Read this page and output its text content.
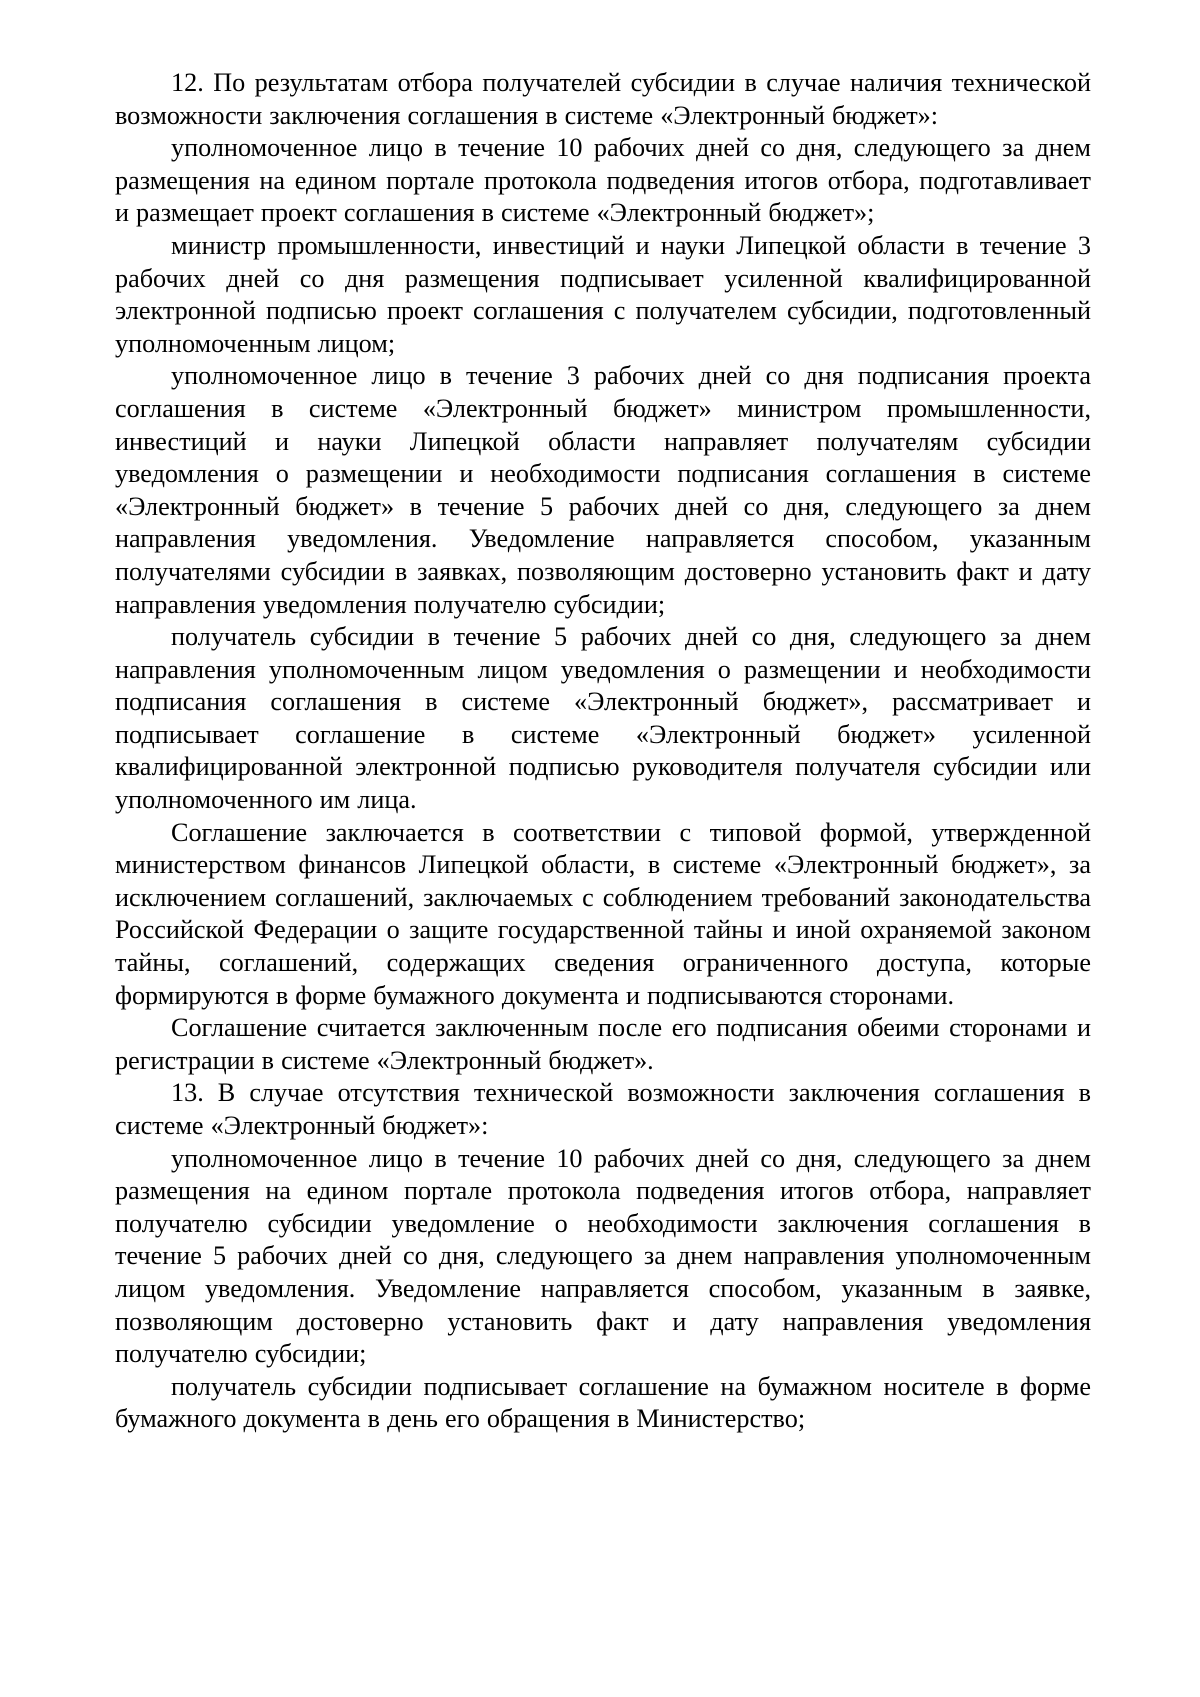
12. По результатам отбора получателей субсидии в случае наличия технической возможности заключения соглашения в системе «Электронный бюджет»:

уполномоченное лицо в течение 10 рабочих дней со дня, следующего за днем размещения на едином портале протокола подведения итогов отбора, подготавливает и размещает проект соглашения в системе «Электронный бюджет»;

министр промышленности, инвестиций и науки Липецкой области в течение 3 рабочих дней со дня размещения подписывает усиленной квалифицированной электронной подписью проект соглашения с получателем субсидии, подготовленный уполномоченным лицом;

уполномоченное лицо в течение 3 рабочих дней со дня подписания проекта соглашения в системе «Электронный бюджет» министром промышленности, инвестиций и науки Липецкой области направляет получателям субсидии уведомления о размещении и необходимости подписания соглашения в системе «Электронный бюджет» в течение 5 рабочих дней со дня, следующего за днем направления уведомления. Уведомление направляется способом, указанным получателями субсидии в заявках, позволяющим достоверно установить факт и дату направления уведомления получателю субсидии;

получатель субсидии в течение 5 рабочих дней со дня, следующего за днем направления уполномоченным лицом уведомления о размещении и необходимости подписания соглашения в системе «Электронный бюджет», рассматривает и подписывает соглашение в системе «Электронный бюджет» усиленной квалифицированной электронной подписью руководителя получателя субсидии или уполномоченного им лица.

Соглашение заключается в соответствии с типовой формой, утвержденной министерством финансов Липецкой области, в системе «Электронный бюджет», за исключением соглашений, заключаемых с соблюдением требований законодательства Российской Федерации о защите государственной тайны и иной охраняемой законом тайны, соглашений, содержащих сведения ограниченного доступа, которые формируются в форме бумажного документа и подписываются сторонами.

Соглашение считается заключенным после его подписания обеими сторонами и регистрации в системе «Электронный бюджет».

13. В случае отсутствия технической возможности заключения соглашения в системе «Электронный бюджет»:

уполномоченное лицо в течение 10 рабочих дней со дня, следующего за днем размещения на едином портале протокола подведения итогов отбора, направляет получателю субсидии уведомление о необходимости заключения соглашения в течение 5 рабочих дней со дня, следующего за днем направления уполномоченным лицом уведомления. Уведомление направляется способом, указанным в заявке, позволяющим достоверно установить факт и дату направления уведомления получателю субсидии;

получатель субсидии подписывает соглашение на бумажном носителе в форме бумажного документа в день его обращения в Министерство;
